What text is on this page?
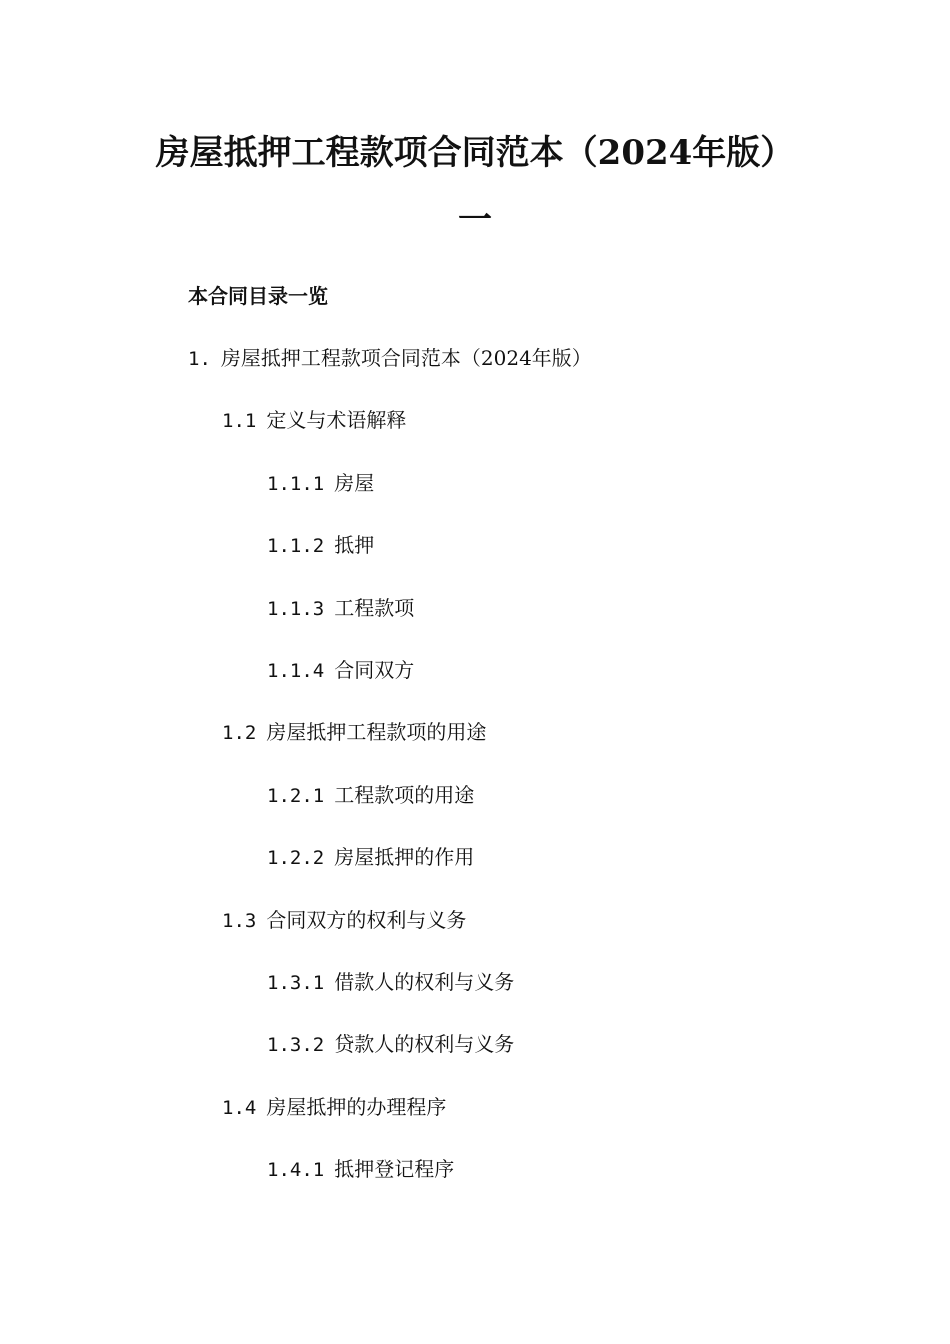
房屋抵押工程款项合同范本（2024年版）
一
本合同目录一览
1. 房屋抵押工程款项合同范本（2024年版）
1.1 定义与术语解释
1.1.1 房屋
1.1.2 抵押
1.1.3 工程款项
1.1.4 合同双方
1.2 房屋抵押工程款项的用途
1.2.1 工程款项的用途
1.2.2 房屋抵押的作用
1.3 合同双方的权利与义务
1.3.1 借款人的权利与义务
1.3.2 贷款人的权利与义务
1.4 房屋抵押的办理程序
1.4.1 抵押登记程序
